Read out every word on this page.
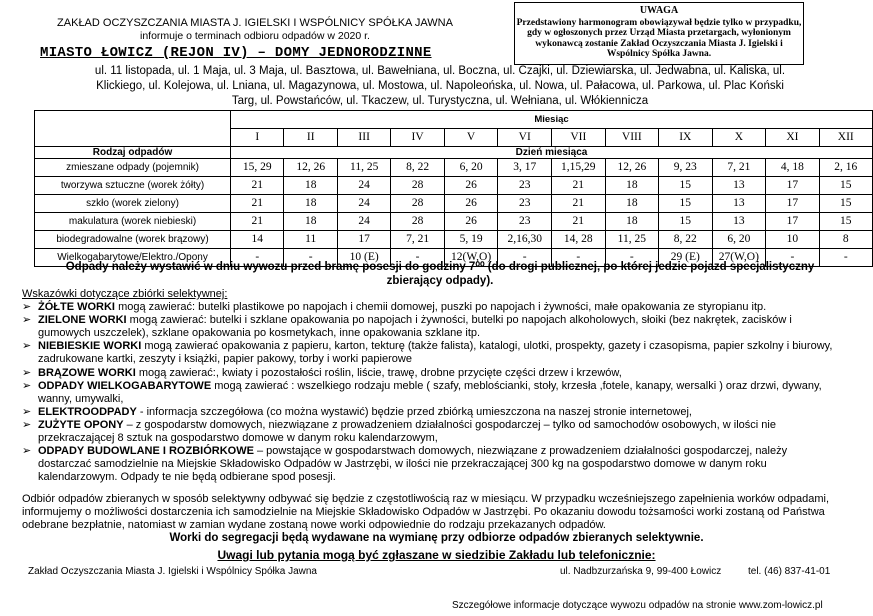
ZAKŁAD OCZYSZCZANIA MIASTA J. IGIELSKI I WSPÓLNICY SPÓŁKA JAWNA
informuje o terminach odbioru odpadów w 2020 r.
MIASTO ŁOWICZ (REJON IV) – DOMY JEDNORODZINNE
UWAGA
Przedstawiony harmonogram obowiązywał będzie tylko w przypadku, gdy w ogłoszonych przez Urząd Miasta przetargach, wyłonionym wykonawcą zostanie Zakład Oczyszczania Miasta J. Igielski i Wspólnicy Spółka Jawna.
ul. 11 listopada, ul. 1 Maja, ul. 3 Maja, ul. Basztowa, ul. Bawełniana, ul. Boczna, ul. Czajki, ul. Dziewiarska, ul. Jedwabna, ul. Kaliska, ul. Klickiego, ul. Kolejowa, ul. Lniana, ul. Magazynowa, ul. Mostowa, ul. Napoleońska, ul. Nowa, ul. Pałacowa, ul. Parkowa, ul. Plac Koński Targ, ul. Powstańców, ul. Tkaczew, ul. Turystyczna, ul. Wełniana, ul. Włókiennicza
	Miesiąc											
	I	II	III	IV	V	VI	VII	VIII	IX	X	XI	XII
Rodzaj odpadów	Dzień miesiąca											
zmieszane odpady (pojemnik)	15, 29	12, 26	11, 25	8, 22	6, 20	3, 17	1,15,29	12, 26	9, 23	7, 21	4, 18	2, 16
tworzywa sztuczne (worek żółty)	21	18	24	28	26	23	21	18	15	13	17	15
szkło (worek zielony)	21	18	24	28	26	23	21	18	15	13	17	15
makulatura (worek niebieski)	21	18	24	28	26	23	21	18	15	13	17	15
biodegradowalne (worek brązowy)	14	11	17	7, 21	5, 19	2,16,30	14, 28	11, 25	8, 22	6, 20	10	8
Wielkogabarytowe/Elektro./Opony	-	-	10 (E)	-	12(W,O)	-	-	-	29 (E)	27(W,O)	-	-
Odpady należy wystawić w dniu wywozu przed bramę posesji do godziny 7⁰⁰ (do drogi publicznej, po której jedzie pojazd specjalistyczny zbierający odpady).
Wskazówki dotyczące zbiórki selektywnej:
➢ ŻÓŁTE WORKI mogą zawierać: butelki plastikowe po napojach i chemii domowej, puszki po napojach i żywności, małe opakowania ze styropianu itp.
➢ ZIELONE WORKI mogą zawierać: butelki i szklane opakowania po napojach i żywności, butelki po napojach alkoholowych, słoiki (bez nakrętek, zacisków i gumowych uszczelek), szklane opakowania po kosmetykach, inne opakowania szklane itp.
➢ NIEBIESKIE WORKI mogą zawierać opakowania z papieru, karton, tekturę (także falista), katalogi, ulotki, prospekty, gazety i czasopisma, papier szkolny i biurowy, zadrukowane kartki, zeszyty i książki, papier pakowy, torby i worki papierowe
➢ BRĄZOWE WORKI mogą zawierać:, kwiaty i pozostałości roślin, liście, trawę, drobne przycięte części drzew i krzewów,
➢ ODPADY WIELKOGABARYTOWE mogą zawierać : wszelkiego rodzaju meble ( szafy, meblościanki, stoły, krzesła ,fotele, kanapy, wersalki ) oraz drzwi, dywany, wanny, umywalki,
➢ ELEKTROODPADY - informacja szczegółowa (co można wystawić) będzie przed zbiórką umieszczona na naszej stronie internetowej,
➢ ZUŻYTE OPONY – z gospodarstw domowych, niezwiązane z prowadzeniem działalności gospodarczej – tylko od samochodów osobowych, w ilości nie przekraczającej 8 sztuk na gospodarstwo domowe w danym roku kalendarzowym,
➢ ODPADY BUDOWLANE I ROZBIÓRKOWE – powstające w gospodarstwach domowych, niezwiązane z prowadzeniem działalności gospodarczej, należy dostarczać samodzielnie na Miejskie Składowisko Odpadów w Jastrzębi, w ilości nie przekraczającej 300 kg na gospodarstwo domowe w danym roku kalendarzowym. Odpady te nie będą odbierane spod posesji.
Odbiór odpadów zbieranych w sposób selektywny odbywać się będzie z częstotliwością raz w miesiącu. W przypadku wcześniejszego zapełnienia worków odpadami, informujemy o możliwości dostarczenia ich samodzielnie na Miejskie Składowisko Odpadów w Jastrzębi. Po okazaniu dowodu tożsamości worki zostaną od Państwa odebrane bezpłatnie, natomiast w zamian wydane zostaną nowe worki odpowiednie do rodzaju przekazanych odpadów.
Worki do segregacji będą wydawane na wymianę przy odbiorze odpadów zbieranych selektywnie.
Uwagi lub pytania mogą być zgłaszane w siedzibie Zakładu lub telefonicznie:
Zakład Oczyszczania Miasta J. Igielski i Wspólnicy Spółka Jawna	ul. Nadbzurzańska 9, 99-400 Łowicz	tel. (46) 837-41-01
Szczegółowe informacje dotyczące wywozu odpadów na stronie www.zom-lowicz.pl
